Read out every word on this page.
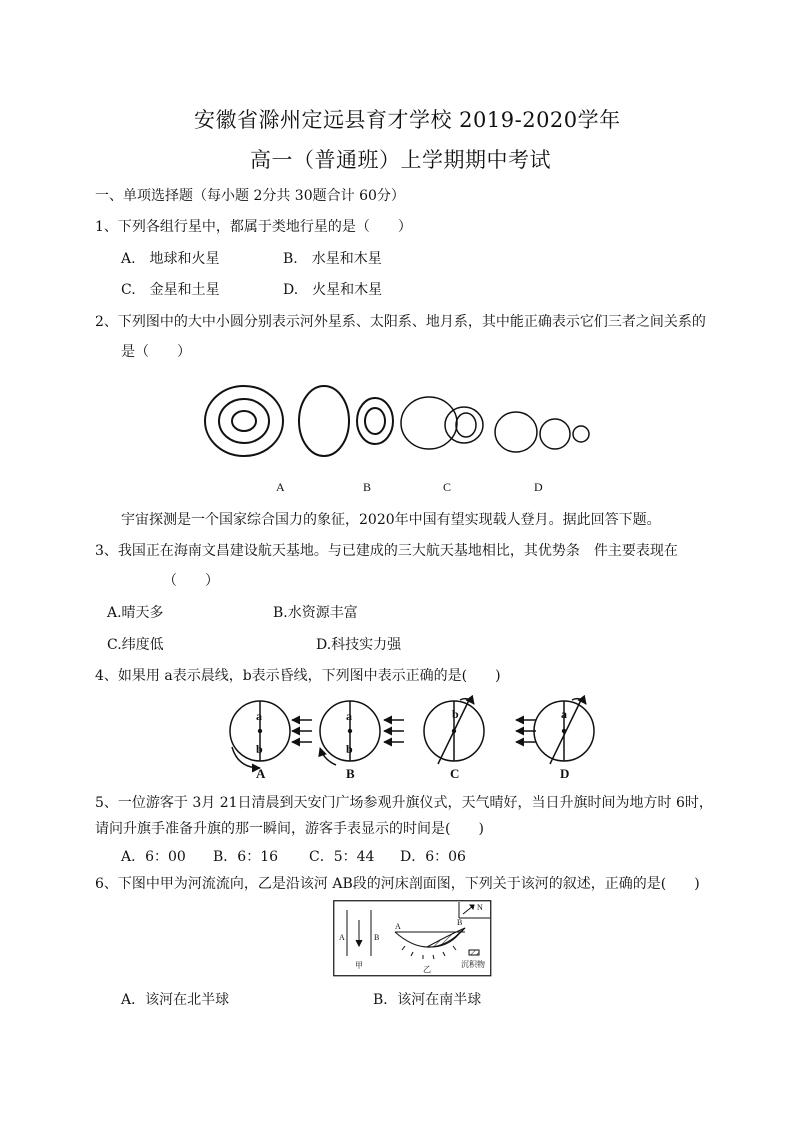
安徽省滁州定远县育才学校 2019-2020学年
高一（普通班）上学期期中考试
一、单项选择题（每小题 2分共 30题合计 60分）
1、下列各组行星中，都属于类地行星的是（　　）
A.　地球和火星	B.　水星和木星
C.　金星和土星	D.　火星和木星
2、下列图中的大中小圆分别表示河外星系、太阳系、地月系，其中能正确表示它们三者之间关系的
是（　　）
A	B	C	D
宇宙探测是一个国家综合国力的象征，2020年中国有望实现载人登月。据此回答下题。
3、我国正在海南文昌建设航天基地。与已建成的三大航天基地相比，其优势条　件主要表现在
（　　）
A.晴天多	B.水资源丰富
C.纬度低	D.科技实力强
4、如果用 a表示晨线，b表示昏线，下列图中表示正确的是(　　)
a
b
a
b
b	a
A	B	C	D
5、一位游客于 3月 21日清晨到天安门广场参观升旗仪式，天气晴好，当日升旗时间为地方时 6时，
请问升旗手准备升旗的那一瞬间，游客手表显示的时间是(　　)
A．6：00 B．6：16 C．5：44 D．6：06
6、下图中甲为河流流向，乙是沿该河 AB段的河床剖面图，下列关于该河的叙述，正确的是(　　)
A	B
甲
A	B
乙
N
沉积物
A．该河在北半球	B．该河在南半球
